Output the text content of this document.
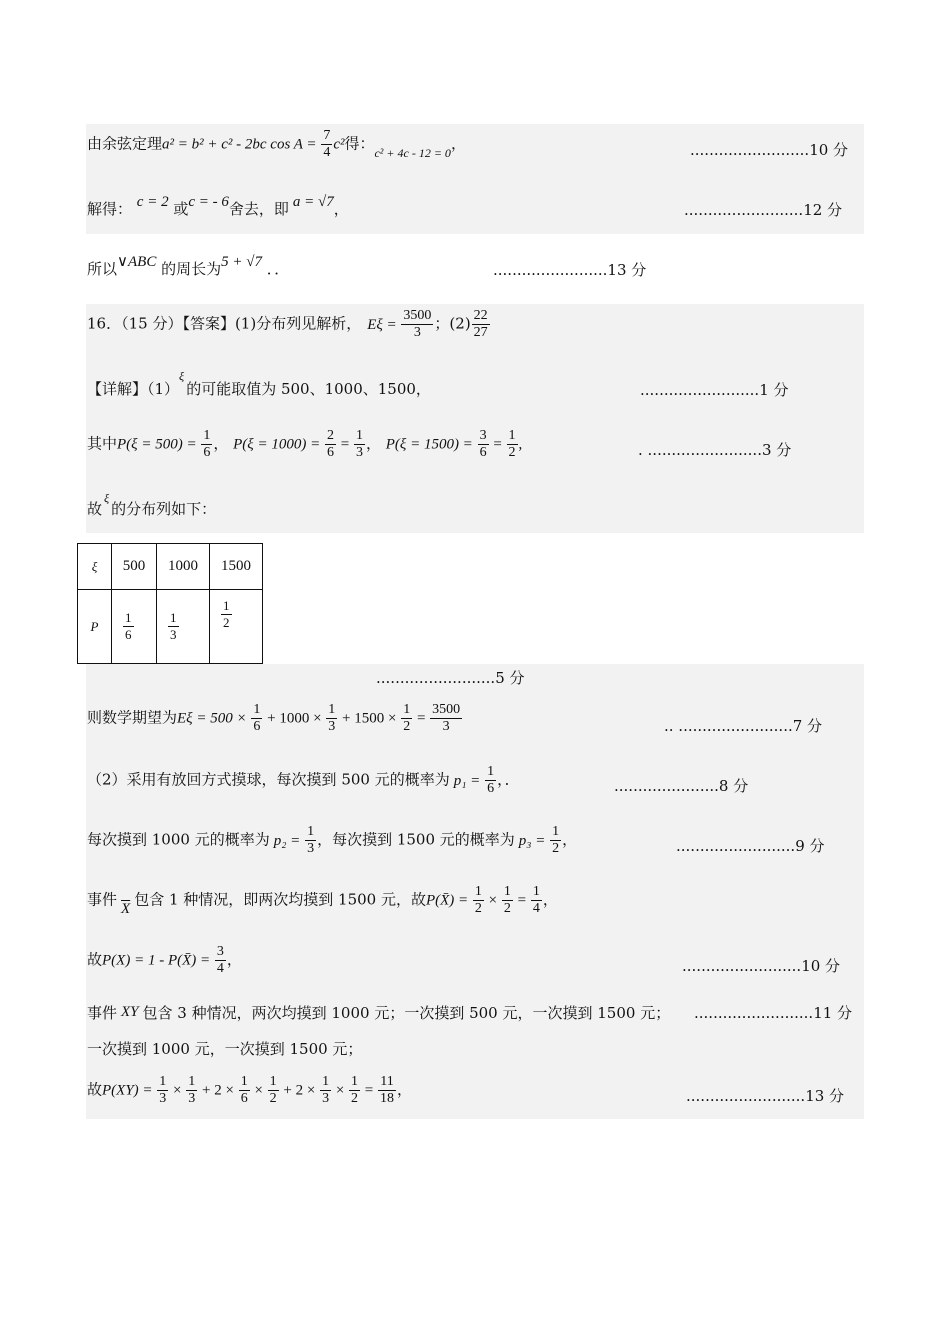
由余弦定理a² = b² + c² - 2bc $\cos A = \frac{7}{4} c^2$得：$_{c^2 + 4c - 12 = 0}$，	.........................10 分
解得： c = 2 或c = - 6舍去，即 a = √7，	.........................12 分
所以∨ABC 的周长为5 + √7 ．．	........................13 分
16．（15 分）【答案】(1)分布列见解析， $E\xi = \frac{3500}{3}$ ；$(2) \frac{22}{27}$
【详解】$(1)^\xi$的可能取值为 500、1000、1500，	.........................1 分
其中$P(\xi = 500) = \frac{1}{6}$ ， $P(\xi = 1000) = \frac{2}{6} = \frac{1}{3}$ ， $P(\xi = 1500) = \frac{3}{6} = \frac{1}{2}$ ,	. ........................3 分
故$^\xi$的分布列如下：
ξ	500	1000	1500
P	$\frac{1}{6}$	$\frac{1}{3}$	$\frac{1}{2}$
.........................5 分
则数学期望为$E\xi = 500 \times \frac{1}{6} + 1000 \times \frac{1}{3} + 1500 \times \frac{1}{2} = \frac{3500}{3}$	.. ........................7 分
（2）采用有放回方式摸球，每次摸到 500 元的概率为 $p_1 = \frac{1}{6}$ ，．	......................8 分
每次摸到 1000 元的概率为 $p_2 = \frac{1}{3}$ ，每次摸到 1500 元的概率为 $p_3 = \frac{1}{2}$ ，	.........................9 分
事件 $\overline{X}$ 包含 1 种情况，即两次均摸到 1500 元，故P(X̄) = $\frac{1}{2} \times \frac{1}{2} = \frac{1}{4}$ ，
故P(X) = 1 - P(X̄) = $\frac{3}{4}$ ，	.........................10 分
事件 XY 包含 3 种情况，两次均摸到 1000 元；一次摸到 500 元，一次摸到 1500 元； .........................11 分
一次摸到 1000 元，一次摸到 1500 元；
故$P(XY) = \frac{1}{3} \times \frac{1}{3} + 2 \times \frac{1}{6} \times \frac{1}{2} + 2 \times \frac{1}{3} \times \frac{1}{2} = \frac{11}{18}$ ，	.........................13 分
